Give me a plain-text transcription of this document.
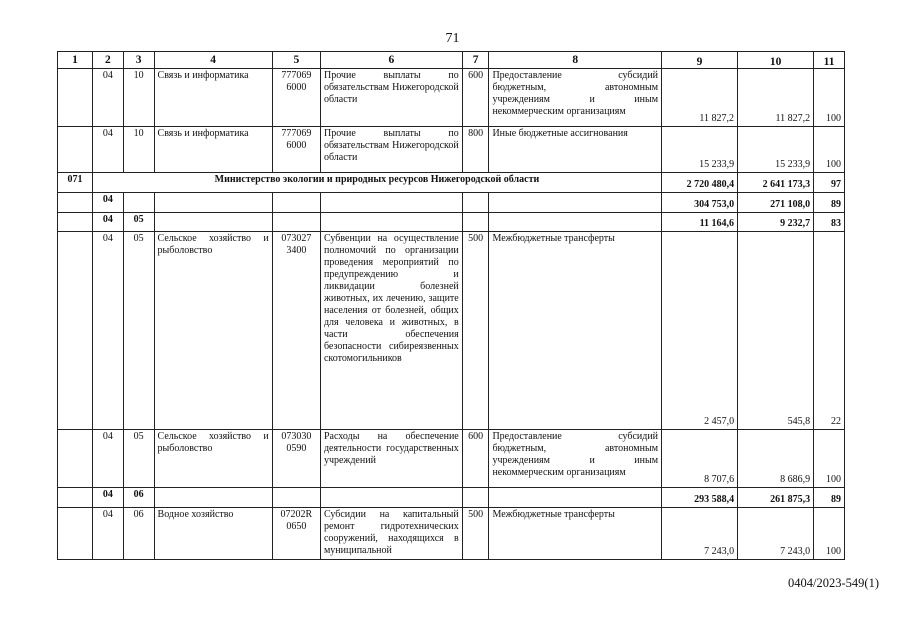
71
1	2	3	4	5	6	7	8	9	10	11
	04	10	Связь и информатика	777069 6000	Прочие выплаты по обязательствам Нижегородской области	600	Предоставление субсидий бюджетным, автономным учреждениям и иным некоммерческим организациям	11 827,2	11 827,2	100
	04	10	Связь и информатика	777069 6000	Прочие выплаты по обязательствам Нижегородской области	800	Иные бюджетные ассигнования	15 233,9	15 233,9	100
071	Министерство экологии и природных ресурсов Нижегородской области							2 720 480,4	2 641 173,3	97
	04							304 753,0	271 108,0	89
	04	05						11 164,6	9 232,7	83
	04	05	Сельское хозяйство и рыболовство	073027 3400	Субвенции на осуществление полномочий по организации проведения мероприятий по предупреждению и ликвидации болезней животных, их лечению, защите населения от болезней, общих для человека и животных, в части обеспечения безопасности сибиреязвенных скотомогильников	500	Межбюджетные трансферты	2 457,0	545,8	22
	04	05	Сельское хозяйство и рыболовство	073030 0590	Расходы на обеспечение деятельности государственных учреждений	600	Предоставление субсидий бюджетным, автономным учреждениям и иным некоммерческим организациям	8 707,6	8 686,9	100
	04	06						293 588,4	261 875,3	89
	04	06	Водное хозяйство	07202R 0650	Субсидии на капитальный ремонт гидротехнических сооружений, находящихся в муниципальной	500	Межбюджетные трансферты	7 243,0	7 243,0	100
0404/2023-549(1)
